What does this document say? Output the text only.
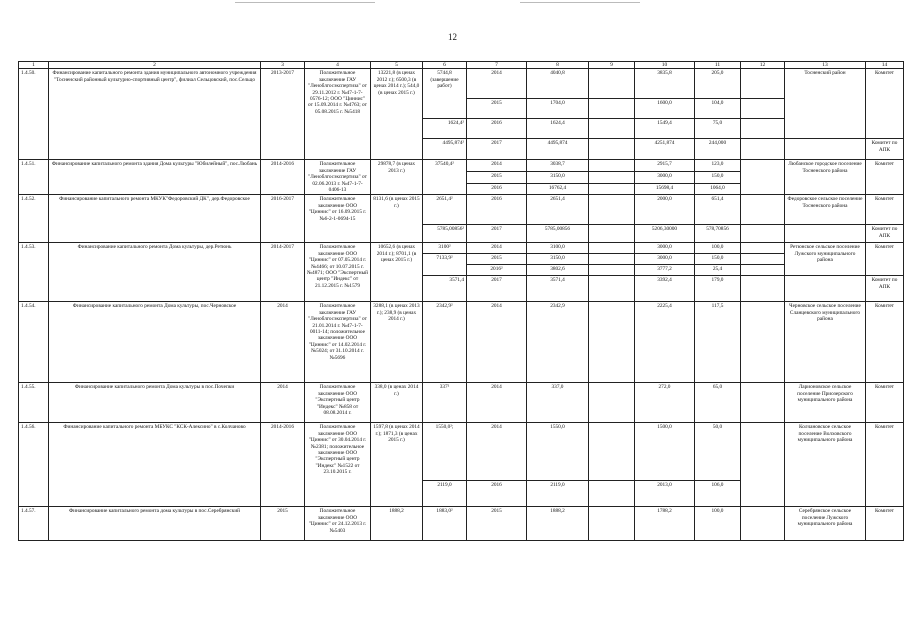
12
1	2	3	4	5	6	7	8	9	10	11	12	13	14
1.4.50.	Финансирование капитального ремонта здания муниципального автономного учреждения "Тосненский районный культурно-спортивный центр", филиал Сельцовский, пос.Сельцо	2013-2017	Положительное заключение ГАУ "Леноблгосэкспертиза" от 29.11.2012 г. №47-1-7-0576-12; ООО "Циннис" от 15.09.2014 г. №4763; от 05.08.2015 г. №5418	13221,8 (в ценах 2012 г.); 6500,3 (в ценах 2014 г.); 544,0 (в ценах 2015 г.)	5744,8 (завершение работ)	2014	4040,8		3835,8	205,0		Тосненский район	Комитет
						2015	1704,0		1600,0	104,0			
					1624,4²	2016	1624,4		1549,4	75,0			
					4495,874²	2017	4495,874		4251,874	244,000			Комитет по АПК
1.4.51.	Финансирование капитального ремонта здания Дома культуры "Юбилейный", пос.Любань	2014-2016	Положительное заключение ГАУ "Леноблгосэкспертиза" от 02.06.2013 г. №47-1-7-0406-13	29878,7 (в ценах 2013 г.)	37540,4²	2014	3038,7		2915,7	123,0		Любанское городское поселение Тосненского района	Комитет
						2015	3150,0		3000,0	150,0			
						2016	16762,4		15698,4	1064,0			
1.4.52.	Финансирование капитального ремонта МКУК"Федоровский ДК", дер.Федоровское	2016-2017	Положительное заключение ООО "Циннис" от 16.09.2015 г. №6-2-1-0694-15	8131,6 (в ценах 2015 г.)	2651,4²	2016	2651,4		2000,0	651,4		Федоровское сельское поселение Тосненского района	Комитет
					5785,00856²	2017	5785,00856		5206,30000	578,70856			Комитет по АПК
1.4.53.	Финансирование капитального ремонта Дома культуры, дер.Ретюнь	2014-2017	Положительное заключение ООО "Циннис" от 07.05.2014 г. №4466; от 10.07.2015 г. №4871; ООО "Экспертный центр "Индекс" от 21.12.2015 г. №1579	10652,6 (в ценах 2014 г.); 8701,1 (в ценах 2015 г.)	3100²	2014	3100,0		3000,0	100,0		Ретюнское сельское поселение Лужского муниципального района	Комитет
					7133,9²	2015	3150,0		3000,0	150,0			
						2016²	3802,6		3777,2	25,4			
					3571,4	2017	3571,4		3392,4	179,0			Комитет по АПК
1.4.54.	Финансирование капитального ремонта Дома культуры, пос.Черновское	2014	Положительное заключение ГАУ "Леноблгосэкспертиза" от 21.01.2014 г. №47-1-7-0011-14; положительное заключение ООО "Циннис" от 14.02.2014 г. №5024; от 31.10.2014 г. №5696	3288,1 (в ценах 2013 г.); 238,9 (в ценах 2014 г.)	2342,9²	2014	2342,9		2225,4	117,5		Черновское сельское поселение Сланцевского муниципального района	Комитет
1.4.55.	Финансирование капитального ремонта Дома культуры в пос.Почепки	2014	Положительное заключение ООО "Экспертный центр "Индекс" №858 от 08.08.2014 г.	338,0 (в ценах 2014 г.)	337²	2014	337,0		272,0	65,0		Ларионовское сельское поселение Приозерского муниципального района	Комитет
1.4.56.	Финансирование капитального ремонта МБУКС "КСК-Алексино" в с.Колчаново	2014-2016	Положительное заключение ООО "Циннис" от 30.04.2014 г. №2381; положительное заключение ООО "Экспертный центр "Индекс" №1522 от 23.10.2015 г.	1597,8 (в ценах 2014 г.); 1871,3 (в ценах 2015 г.)	1550,0²;	2014	1550,0		1500,0	50,0		Колчановское сельское поселение Волховского муниципального района	Комитет
					2119,0	2016	2119,0		2013,0	106,0			
1.4.57.	Финансирование капитального ремонта дома культуры в пос.Серебрянский	2015	Положительное заключение ООО "Циннис" от 24.12.2013 г. №5403	1888,2	1883,0²	2015	1888,2		1788,2	100,0		Серебрянское сельское поселение Лужского муниципального района	Комитет
